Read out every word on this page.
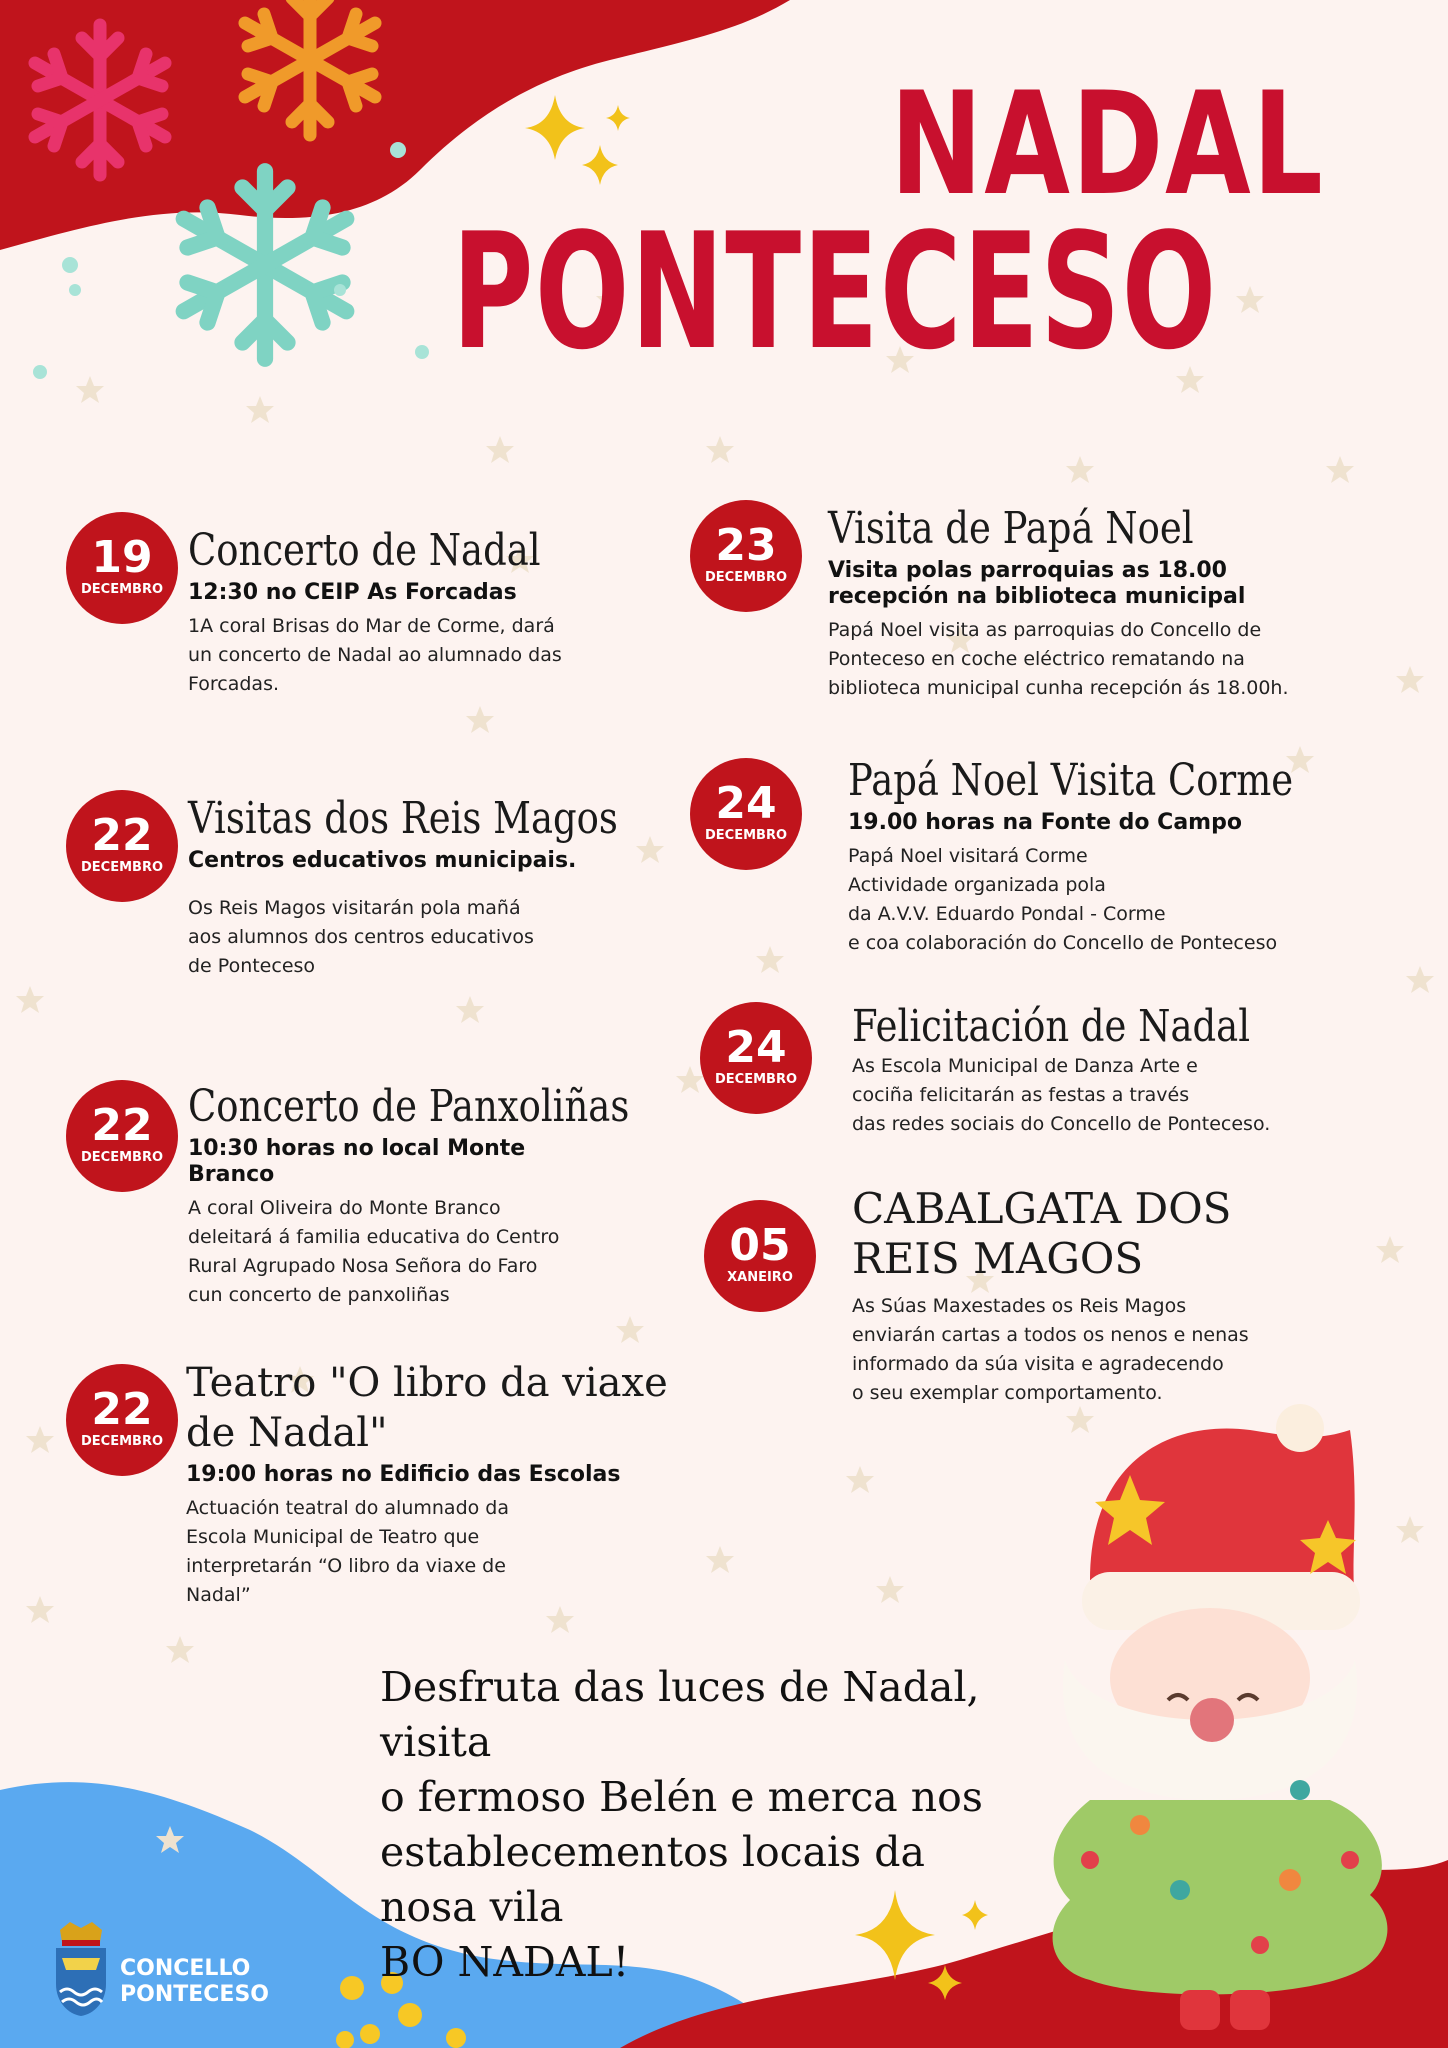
NADAL
PONTECESO
19
DECEMBRO
Concerto de Nadal
12:30 no CEIP As Forcadas
1A coral Brisas do Mar de Corme, dará
un concerto de Nadal ao alumnado das
Forcadas.
22
DECEMBRO
Visitas dos Reis Magos
Centros educativos municipais.
Os Reis Magos visitarán pola mañá
aos alumnos dos centros educativos
de Ponteceso
22
DECEMBRO
Concerto de Panxoliñas
10:30 horas no local Monte
Branco
A coral Oliveira do Monte Branco
deleitará á familia educativa do Centro
Rural Agrupado Nosa Señora do Faro
cun concerto de panxoliñas
22
DECEMBRO
Teatro "O libro da viaxe de Nadal"
19:00 horas no Edificio das Escolas
Actuación teatral do alumnado da
Escola Municipal de Teatro que
interpretarán “O libro da viaxe de
Nadal”
23
DECEMBRO
Visita de Papá Noel
Visita polas parroquias as 18.00
recepción na biblioteca municipal
Papá Noel visita as parroquias do Concello de
Ponteceso en coche eléctrico rematando na
biblioteca municipal cunha recepción ás 18.00h.
24
DECEMBRO
Papá Noel Visita Corme
19.00 horas na Fonte do Campo
Papá Noel visitará Corme
Actividade organizada pola
da A.V.V. Eduardo Pondal - Corme
e coa colaboración do Concello de Ponteceso
24
DECEMBRO
Felicitación de Nadal
As Escola Municipal de Danza Arte e
cociña felicitarán as festas a través
das redes sociais do Concello de Ponteceso.
05
XANEIRO
CABALGATA DOS REIS MAGOS
As Súas Maxestades os Reis Magos
enviarán cartas a todos os nenos e nenas
informado da súa visita e agradecendo
o seu exemplar comportamento.
Desfruta das luces de Nadal, visita
o fermoso Belén e merca nos
establecementos locais da nosa vila
BO NADAL!
CONCELLO
PONTECESO
